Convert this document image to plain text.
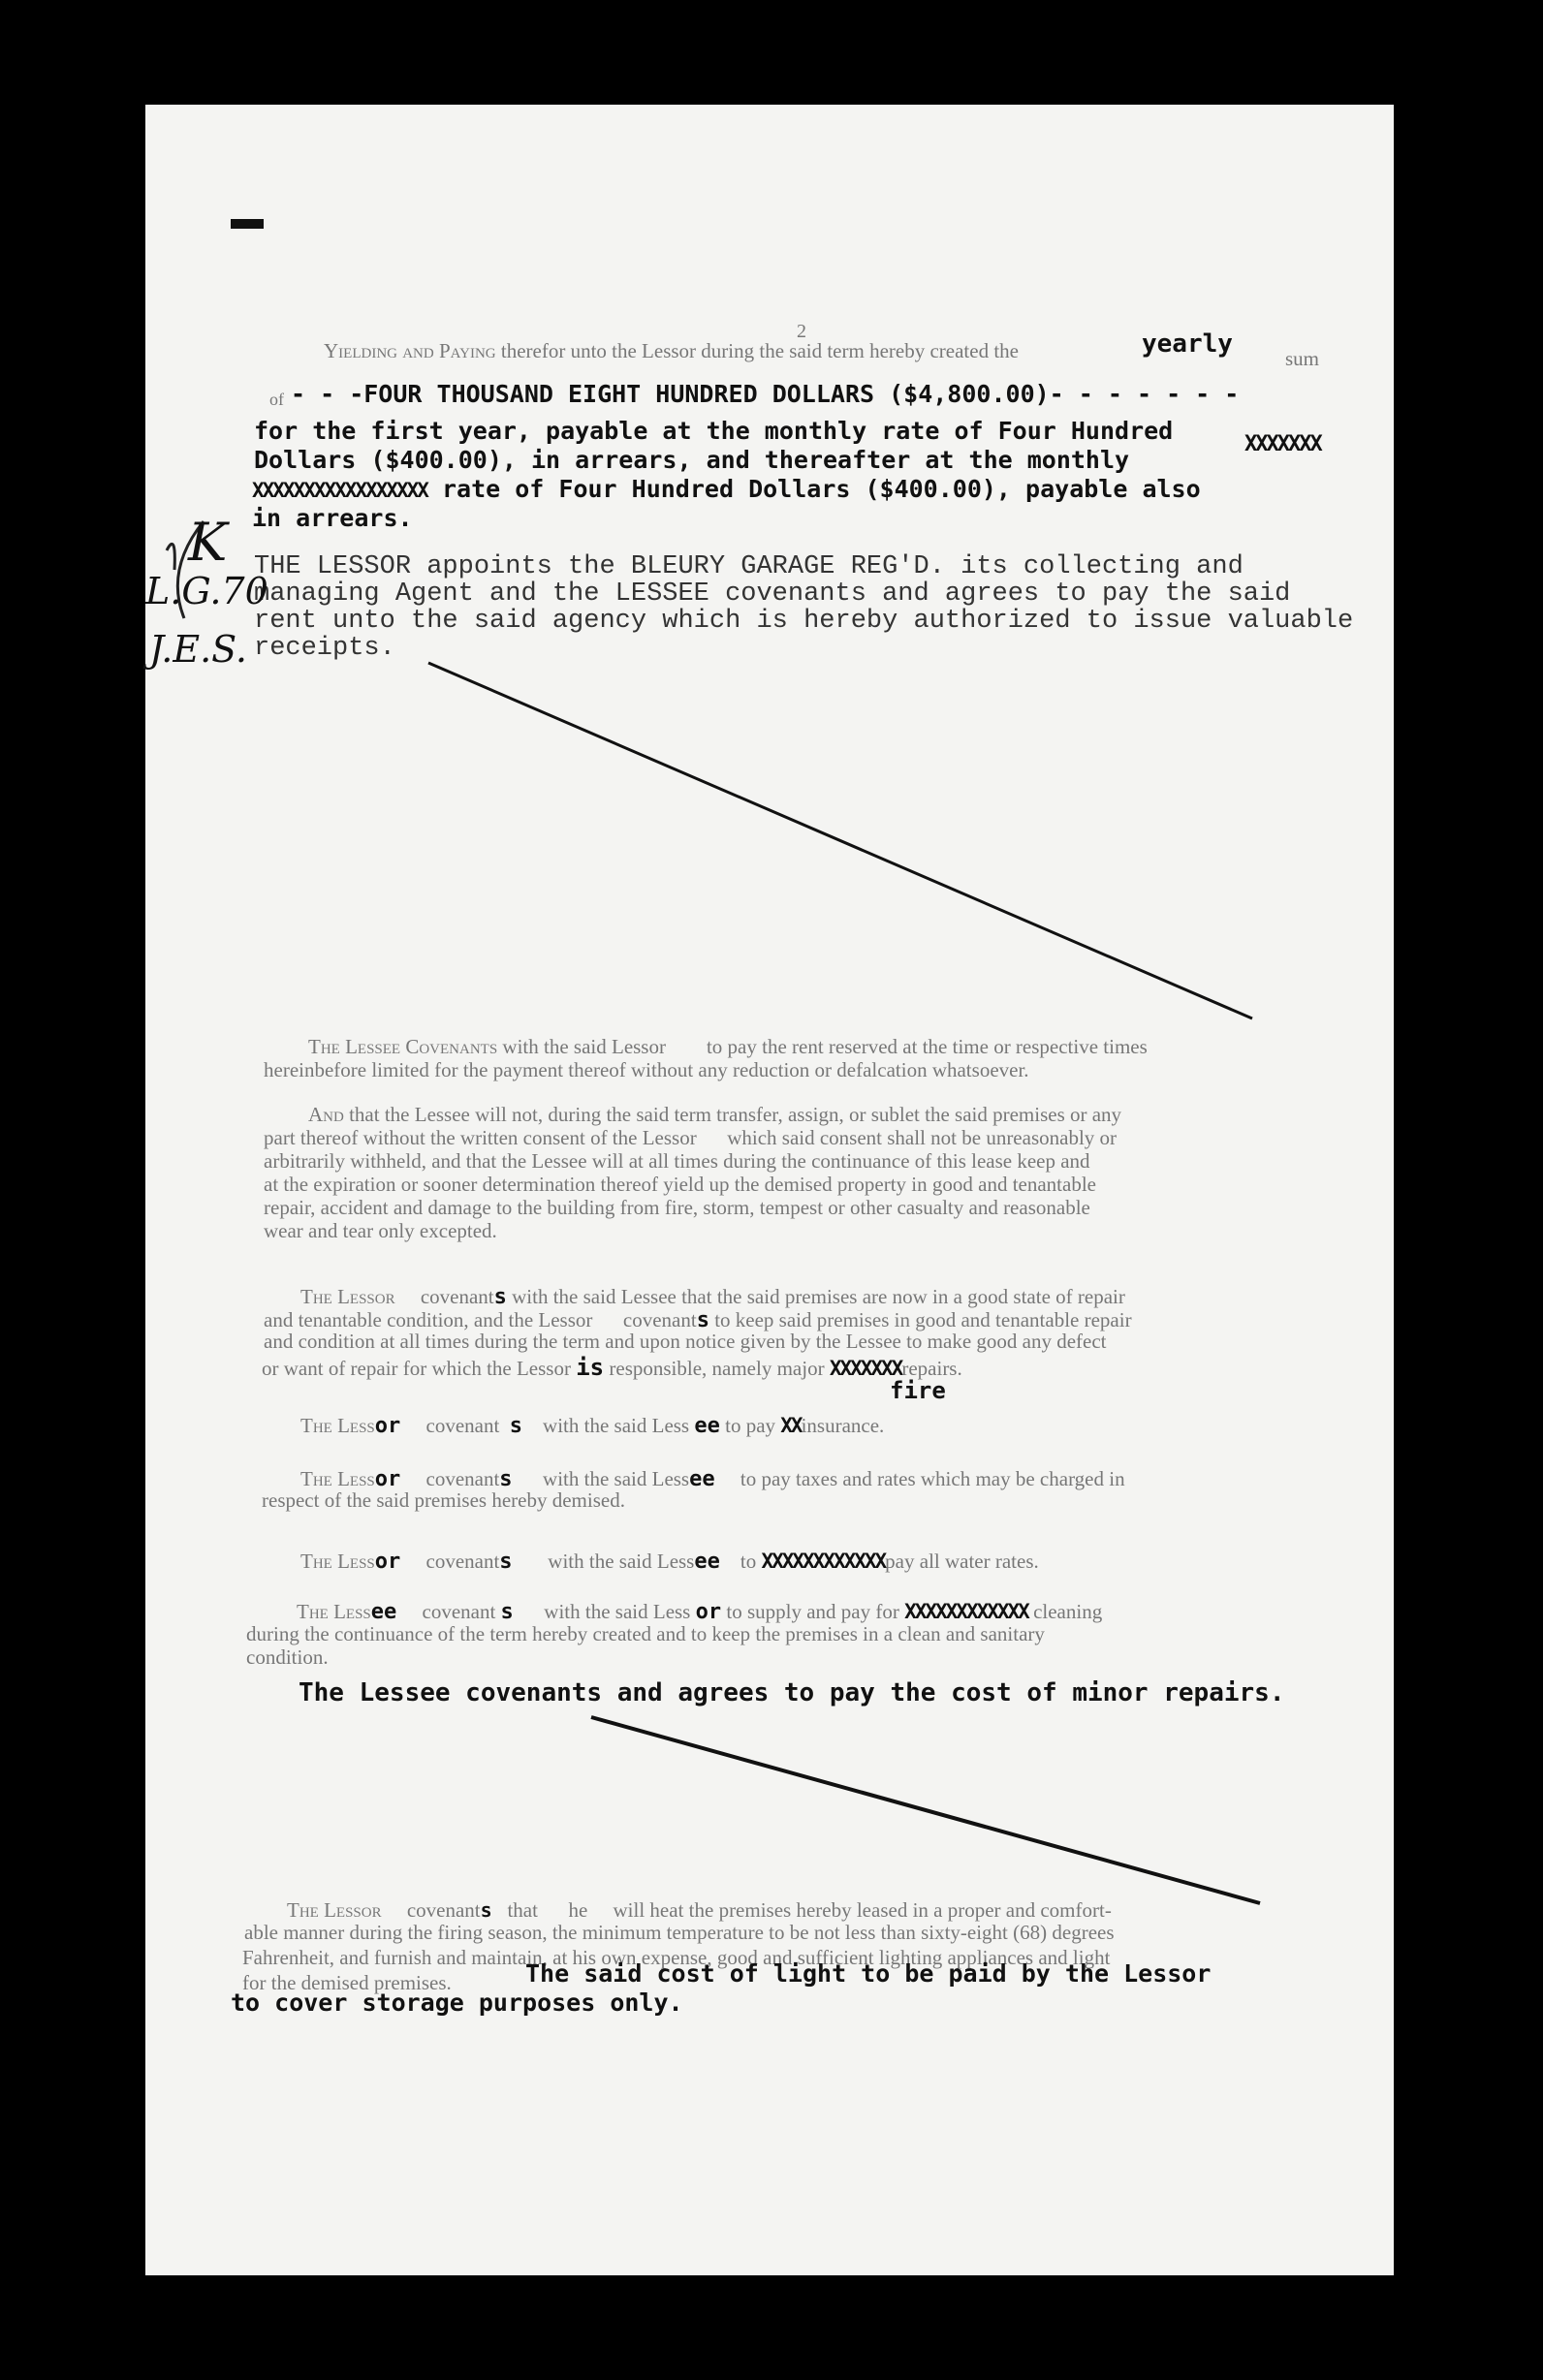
2
Yielding and Paying therefor unto the Lessor during the said term hereby created the	yearly	sum
of - - -FOUR THOUSAND EIGHT HUNDRED DOLLARS ($4,800.00)- - - - - - -
for the first year, payable at the monthly rate of Four Hundred	XXXXXXX
Dollars ($400.00), in arrears, and thereafter at the monthly
XXXXXXXXXXXXXXXXX rate of Four Hundred Dollars ($400.00), payable also
in arrears.
THE LESSOR appoints the BLEURY GARAGE REG'D. its collecting and
managing Agent and the LESSEE covenants and agrees to pay the said
rent unto the said agency which is hereby authorized to issue valuable
receipts.
K
L.G.70
J.E.S.
The Lessee Covenants with the said Lessor        to pay the rent reserved at the time or respective times
hereinbefore limited for the payment thereof without any reduction or defalcation whatsoever.
And that the Lessee will not, during the said term transfer, assign, or sublet the said premises or any
part thereof without the written consent of the Lessor      which said consent shall not be unreasonably or
arbitrarily withheld, and that the Lessee will at all times during the continuance of this lease keep and
at the expiration or sooner determination thereof yield up the demised property in good and tenantable
repair, accident and damage to the building from fire, storm, tempest or other casualty and reasonable
wear and tear only excepted.
The Lessor     covenants with the said Lessee that the said premises are now in a good state of repair
and tenantable condition, and the Lessor      covenants to keep said premises in good and tenantable repair
and condition at all times during the term and upon notice given by the Lessee to make good any defect
or want of repair for which the Lessor is responsible, namely major XXXXXXXrepairs.
fire
The Lessor     covenant  s    with the said Less ee to pay XXinsurance.
The Lessor     covenants      with the said Lessee     to pay taxes and rates which may be charged in
respect of the said premises hereby demised.
The Lessor     covenants       with the said Lessee    to XXXXXXXXXXXXpay all water rates.
The Lessee     covenant s      with the said Less or to supply and pay for XXXXXXXXXXXX cleaning
during the continuance of the term hereby created and to keep the premises in a clean and sanitary
condition.
The Lessee covenants and agrees to pay the cost of minor repairs.
The Lessor     covenants   that      he     will heat the premises hereby leased in a proper and comfort-
able manner during the firing season, the minimum temperature to be not less than sixty-eight (68) degrees
Fahrenheit, and furnish and maintain, at his own expense, good and sufficient lighting appliances and light
for the demised premises.	The said cost of light to be paid by the Lessor
to cover storage purposes only.
